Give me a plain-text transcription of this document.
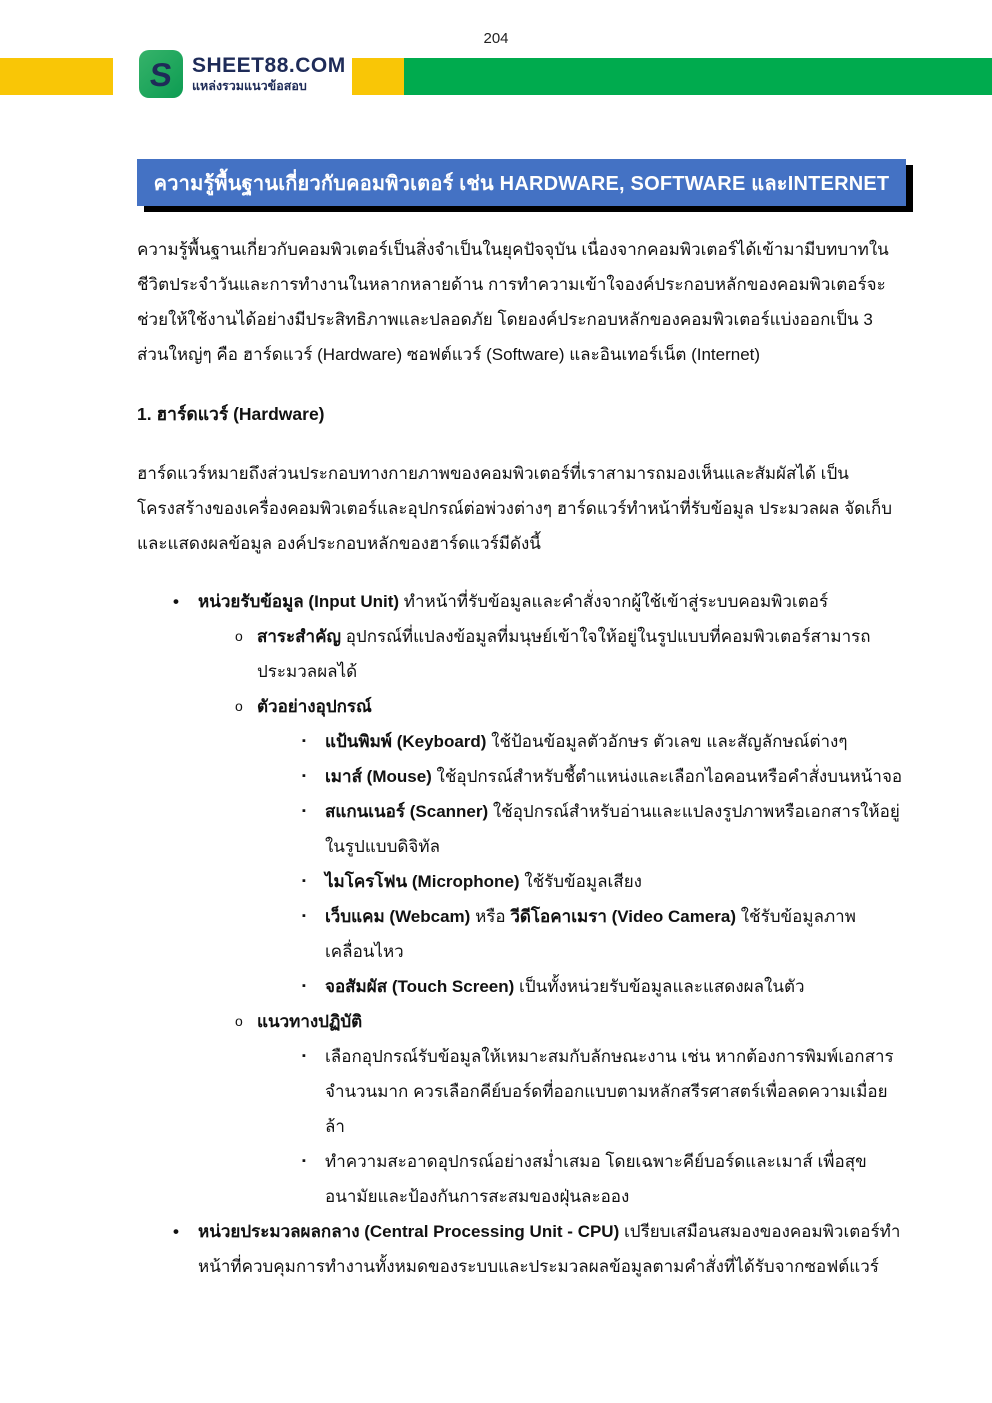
204
S SHEET88.COM
แหล่งรวมแนวข้อสอบ
ความรู้พื้นฐานเกี่ยวกับคอมพิวเตอร์ เช่น HARDWARE, SOFTWARE และINTERNET

ความรู้พื้นฐานเกี่ยวกับคอมพิวเตอร์เป็นสิ่งจำเป็นในยุคปัจจุบัน เนื่องจากคอมพิวเตอร์ได้เข้ามามีบทบาทในชีวิตประจำวันและการทำงานในหลากหลายด้าน การทำความเข้าใจองค์ประกอบหลักของคอมพิวเตอร์จะช่วยให้ใช้งานได้อย่างมีประสิทธิภาพและปลอดภัย โดยองค์ประกอบหลักของคอมพิวเตอร์แบ่งออกเป็น 3 ส่วนใหญ่ๆ คือ ฮาร์ดแวร์ (Hardware) ซอฟต์แวร์ (Software) และอินเทอร์เน็ต (Internet)

1. ฮาร์ดแวร์ (Hardware)

ฮาร์ดแวร์หมายถึงส่วนประกอบทางกายภาพของคอมพิวเตอร์ที่เราสามารถมองเห็นและสัมผัสได้ เป็นโครงสร้างของเครื่องคอมพิวเตอร์และอุปกรณ์ต่อพ่วงต่างๆ ฮาร์ดแวร์ทำหน้าที่รับข้อมูล ประมวลผล จัดเก็บ และแสดงผลข้อมูล องค์ประกอบหลักของฮาร์ดแวร์มีดังนี้

•	หน่วยรับข้อมูล (Input Unit) ทำหน้าที่รับข้อมูลและคำสั่งจากผู้ใช้เข้าสู่ระบบคอมพิวเตอร์
o สาระสำคัญ อุปกรณ์ที่แปลงข้อมูลที่มนุษย์เข้าใจให้อยู่ในรูปแบบที่คอมพิวเตอร์สามารถประมวลผลได้
o ตัวอย่างอุปกรณ์
▪	แป้นพิมพ์ (Keyboard) ใช้ป้อนข้อมูลตัวอักษร ตัวเลข และสัญลักษณ์ต่างๆ
▪	เมาส์ (Mouse) ใช้อุปกรณ์สำหรับชี้ตำแหน่งและเลือกไอคอนหรือคำสั่งบนหน้าจอ
▪	สแกนเนอร์ (Scanner) ใช้อุปกรณ์สำหรับอ่านและแปลงรูปภาพหรือเอกสารให้อยู่ในรูปแบบดิจิทัล
▪	ไมโครโฟน (Microphone) ใช้รับข้อมูลเสียง
▪	เว็บแคม (Webcam) หรือ วีดีโอคาเมรา (Video Camera) ใช้รับข้อมูลภาพเคลื่อนไหว
▪	จอสัมผัส (Touch Screen) เป็นทั้งหน่วยรับข้อมูลและแสดงผลในตัว
o แนวทางปฏิบัติ
▪	เลือกอุปกรณ์รับข้อมูลให้เหมาะสมกับลักษณะงาน เช่น หากต้องการพิมพ์เอกสารจำนวนมาก ควรเลือกคีย์บอร์ดที่ออกแบบตามหลักสรีรศาสตร์เพื่อลดความเมื่อยล้า
▪	ทำความสะอาดอุปกรณ์อย่างสม่ำเสมอ โดยเฉพาะคีย์บอร์ดและเมาส์ เพื่อสุขอนามัยและป้องกันการสะสมของฝุ่นละออง
•	หน่วยประมวลผลกลาง (Central Processing Unit - CPU) เปรียบเสมือนสมองของคอมพิวเตอร์ทำหน้าที่ควบคุมการทำงานทั้งหมดของระบบและประมวลผลข้อมูลตามคำสั่งที่ได้รับจากซอฟต์แวร์
